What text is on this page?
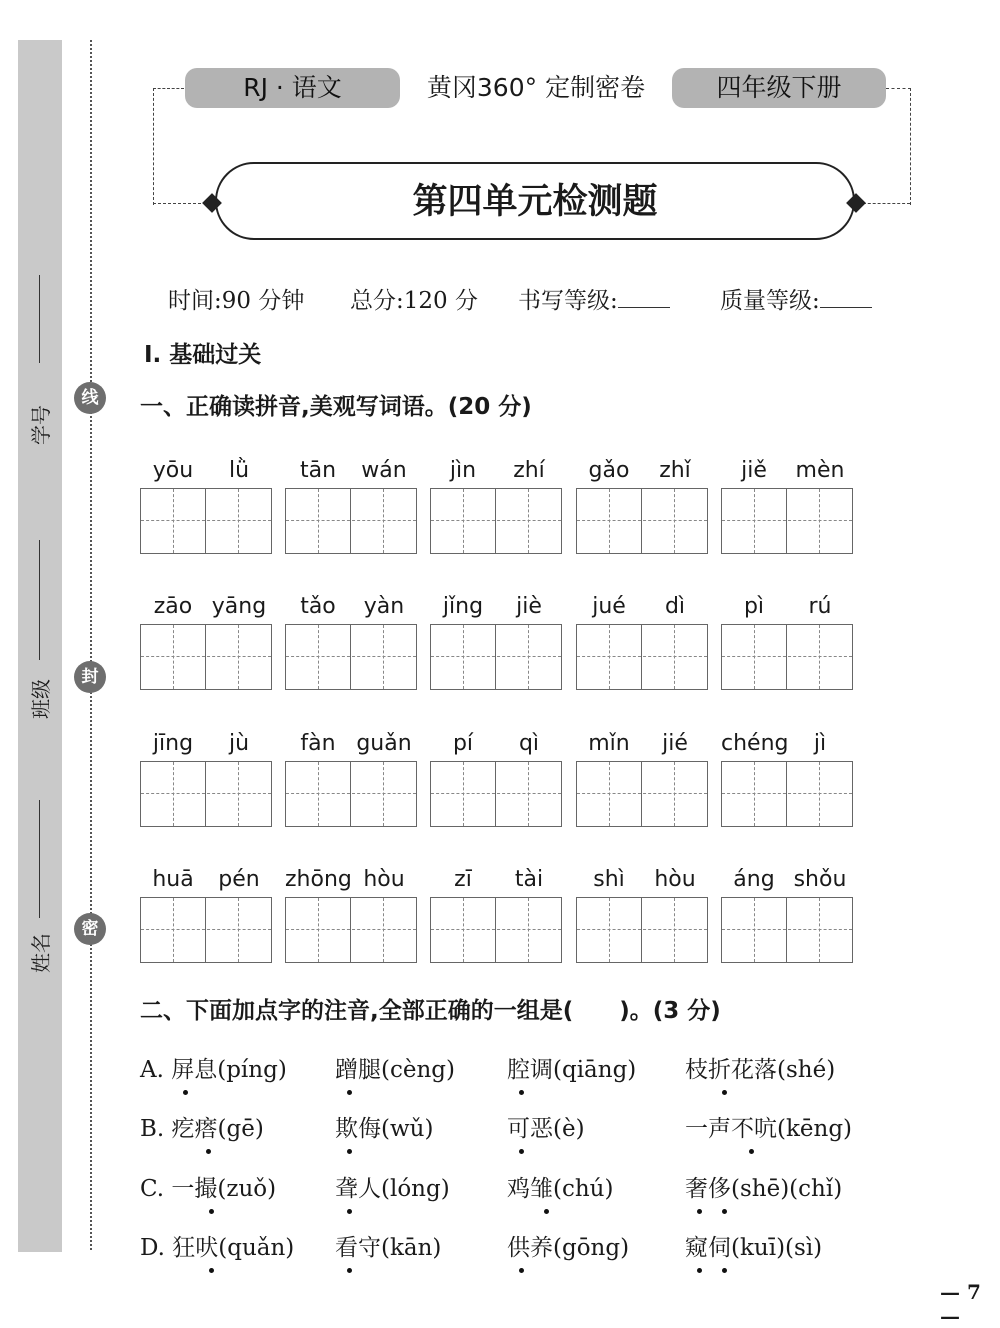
线
封
密
学号
班级
姓名
RJ · 语文	黄冈360° 定制密卷	四年级下册
第四单元检测题
时间:90 分钟 总分:120 分 书写等级:	质量等级:
Ⅰ. 基础过关
一、正确读拼音,美观写词语。(20 分)
yōu	lǜ	tān	wán	jìn	zhí	gǎo	zhǐ	jiě	mèn
zāo yāng	tǎo	yàn	jǐng	jiè	jué	dì	pì	rú
jīng	jù	fàn guǎn	pí	qì	mǐn	jié	chéng	jì
huā	pén	zhōng hòu	zī	tài	shì	hòu	áng shǒu
二、下面加点字的注音,全部正确的一组是(　　)。(3 分)
A. 屏息(píng) 蹭腿(cèng) 腔调(qiāng) 枝折花落(shé)
B. 疙瘩(gē)	欺侮(wǔ)	可恶(è)	一声不吭(kēng)
C. 一撮(zuǒ)	聋人(lóng) 鸡雏(chú)	奢侈(shē)(chǐ)
D. 狂吠(quǎn) 看守(kān)	供养(gōng) 窥伺(kuī)(sì)
— 7 —
